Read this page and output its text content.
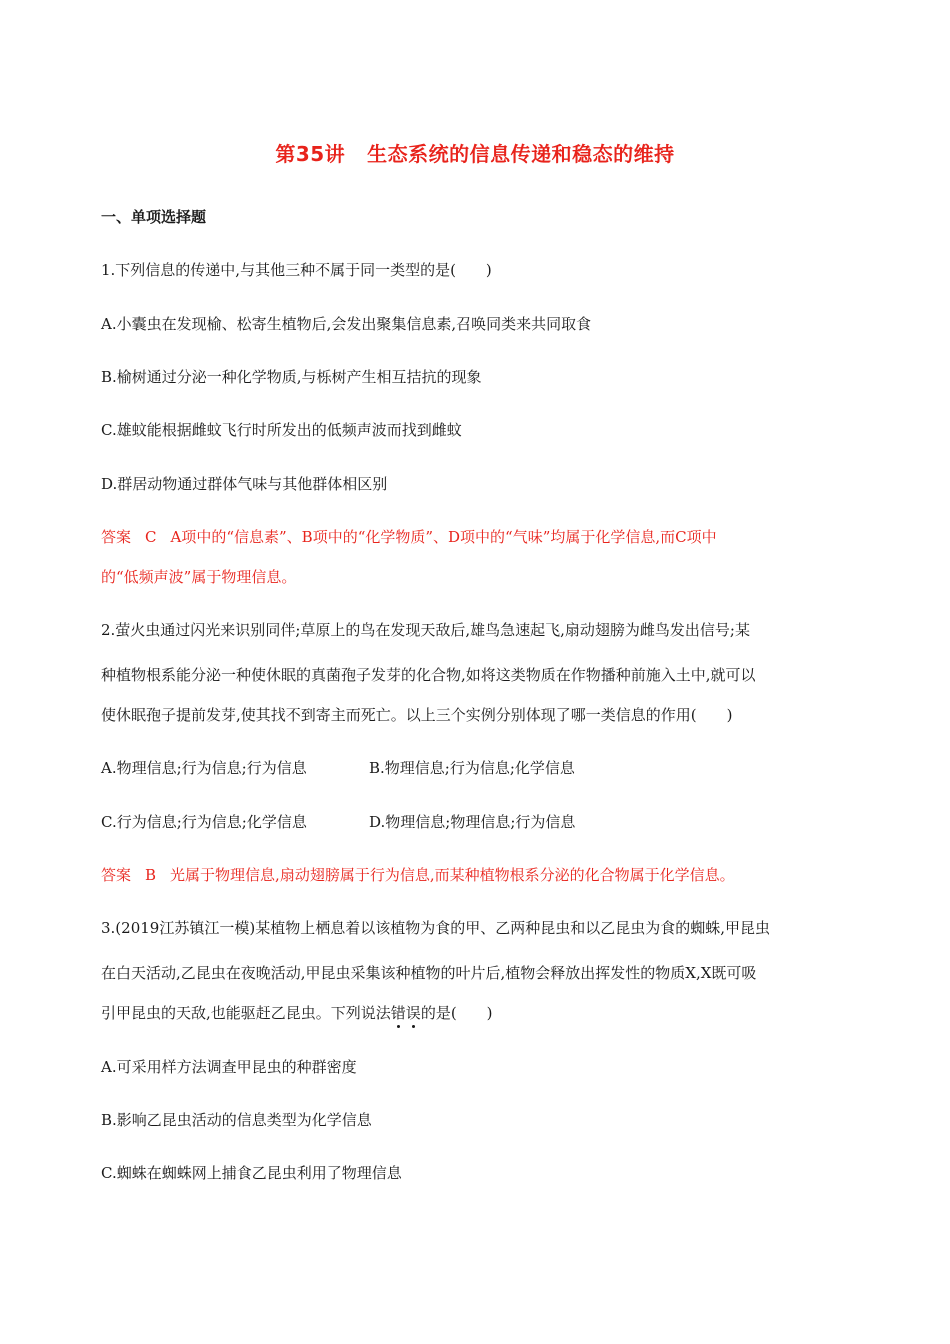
第35讲 生态系统的信息传递和稳态的维持
一、单项选择题
1.下列信息的传递中,与其他三种不属于同一类型的是(　　)
A.小囊虫在发现榆、松寄生植物后,会发出聚集信息素,召唤同类来共同取食
B.榆树通过分泌一种化学物质,与栎树产生相互拮抗的现象
C.雄蚊能根据雌蚊飞行时所发出的低频声波而找到雌蚊
D.群居动物通过群体气味与其他群体相区别
答案 C A项中的“信息素”、B项中的“化学物质”、D项中的“气味”均属于化学信息,而C项中
的“低频声波”属于物理信息。
2.萤火虫通过闪光来识别同伴;草原上的鸟在发现天敌后,雄鸟急速起飞,扇动翅膀为雌鸟发出信号;某
种植物根系能分泌一种使休眠的真菌孢子发芽的化合物,如将这类物质在作物播种前施入土中,就可以
使休眠孢子提前发芽,使其找不到寄主而死亡。以上三个实例分别体现了哪一类信息的作用(　　)
A.物理信息;行为信息;行为信息	B.物理信息;行为信息;化学信息
C.行为信息;行为信息;化学信息	D.物理信息;物理信息;行为信息
答案 B 光属于物理信息,扇动翅膀属于行为信息,而某种植物根系分泌的化合物属于化学信息。
3.(2019江苏镇江一模)某植物上栖息着以该植物为食的甲、乙两种昆虫和以乙昆虫为食的蜘蛛,甲昆虫
在白天活动,乙昆虫在夜晚活动,甲昆虫采集该种植物的叶片后,植物会释放出挥发性的物质X,X既可吸
引甲昆虫的天敌,也能驱赶乙昆虫。下列说法错误的是(　　)
A.可采用样方法调查甲昆虫的种群密度
B.影响乙昆虫活动的信息类型为化学信息
C.蜘蛛在蜘蛛网上捕食乙昆虫利用了物理信息
